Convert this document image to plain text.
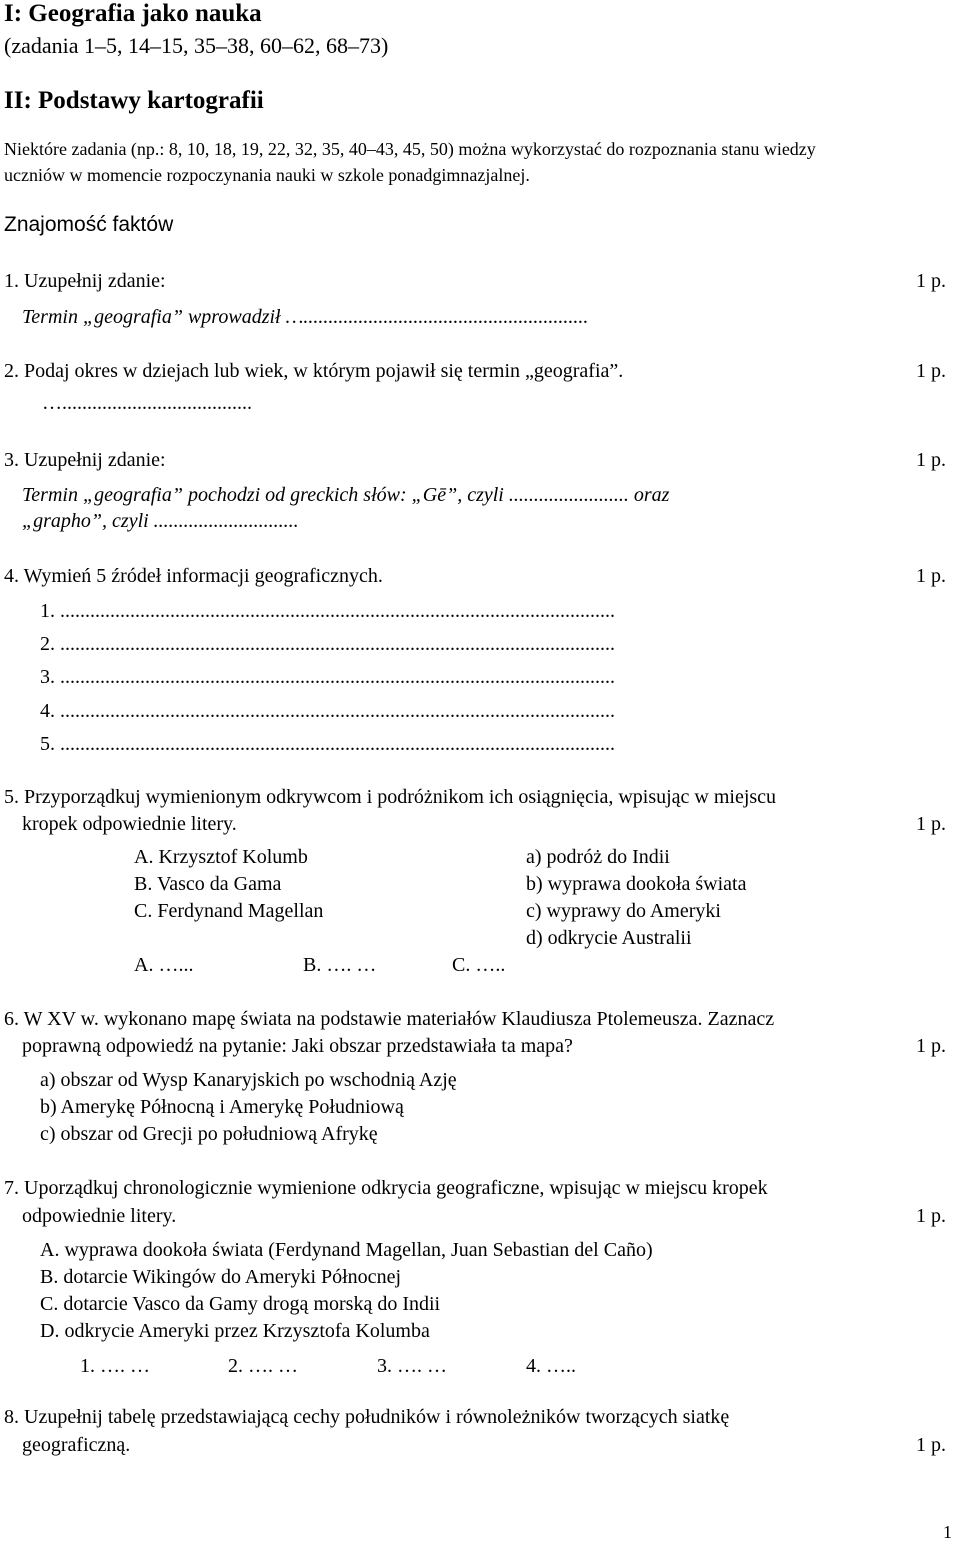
I: Geografia jako nauka
(zadania 1–5, 14–15, 35–38, 60–62, 68–73)
II: Podstawy kartografii
Niektóre zadania (np.: 8, 10, 18, 19, 22, 32, 35, 40–43, 45, 50) można wykorzystać do rozpoznania stanu wiedzy
uczniów w momencie rozpoczynania nauki w szkole ponadgimnazjalnej.
Znajomość faktów
1. Uzupełnij zdanie:	1 p.
Termin „geografia” wprowadził ….........................................................
2. Podaj okres w dziejach lub wiek, w którym pojawił się termin „geografia”.	1 p.
…......................................
3. Uzupełnij zdanie:	1 p.
Termin „geografia” pochodzi od greckich słów: „Gē”, czyli ........................ oraz
„grapho”, czyli .............................
4. Wymień 5 źródeł informacji geograficznych.	1 p.
1. ...............................................................................................................
2. ...............................................................................................................
3. ...............................................................................................................
4. ...............................................................................................................
5. ...............................................................................................................
5. Przyporządkuj wymienionym odkrywcom i podróżnikom ich osiągnięcia, wpisując w miejscu
kropek odpowiednie litery.	1 p.
A. Krzysztof Kolumb
B. Vasco da Gama
C. Ferdynand Magellan
a) podróż do Indii
b) wyprawa dookoła świata
c) wyprawy do Ameryki
d) odkrycie Australii
A. …...	B. …. …	C. …..
6. W XV w. wykonano mapę świata na podstawie materiałów Klaudiusza Ptolemeusza. Zaznacz
poprawną odpowiedź na pytanie: Jaki obszar przedstawiała ta mapa?	1 p.
a) obszar od Wysp Kanaryjskich po wschodnią Azję
b) Amerykę Północną i Amerykę Południową
c) obszar od Grecji po południową Afrykę
7. Uporządkuj chronologicznie wymienione odkrycia geograficzne, wpisując w miejscu kropek
odpowiednie litery.	1 p.
A. wyprawa dookoła świata (Ferdynand Magellan, Juan Sebastian del Caño)
B. dotarcie Wikingów do Ameryki Północnej
C. dotarcie Vasco da Gamy drogą morską do Indii
D. odkrycie Ameryki przez Krzysztofa Kolumba
1. …. …	2. …. …	3. …. …	4. …..
8. Uzupełnij tabelę przedstawiającą cechy południków i równoleżników tworzących siatkę
geograficzną.	1 p.
1
